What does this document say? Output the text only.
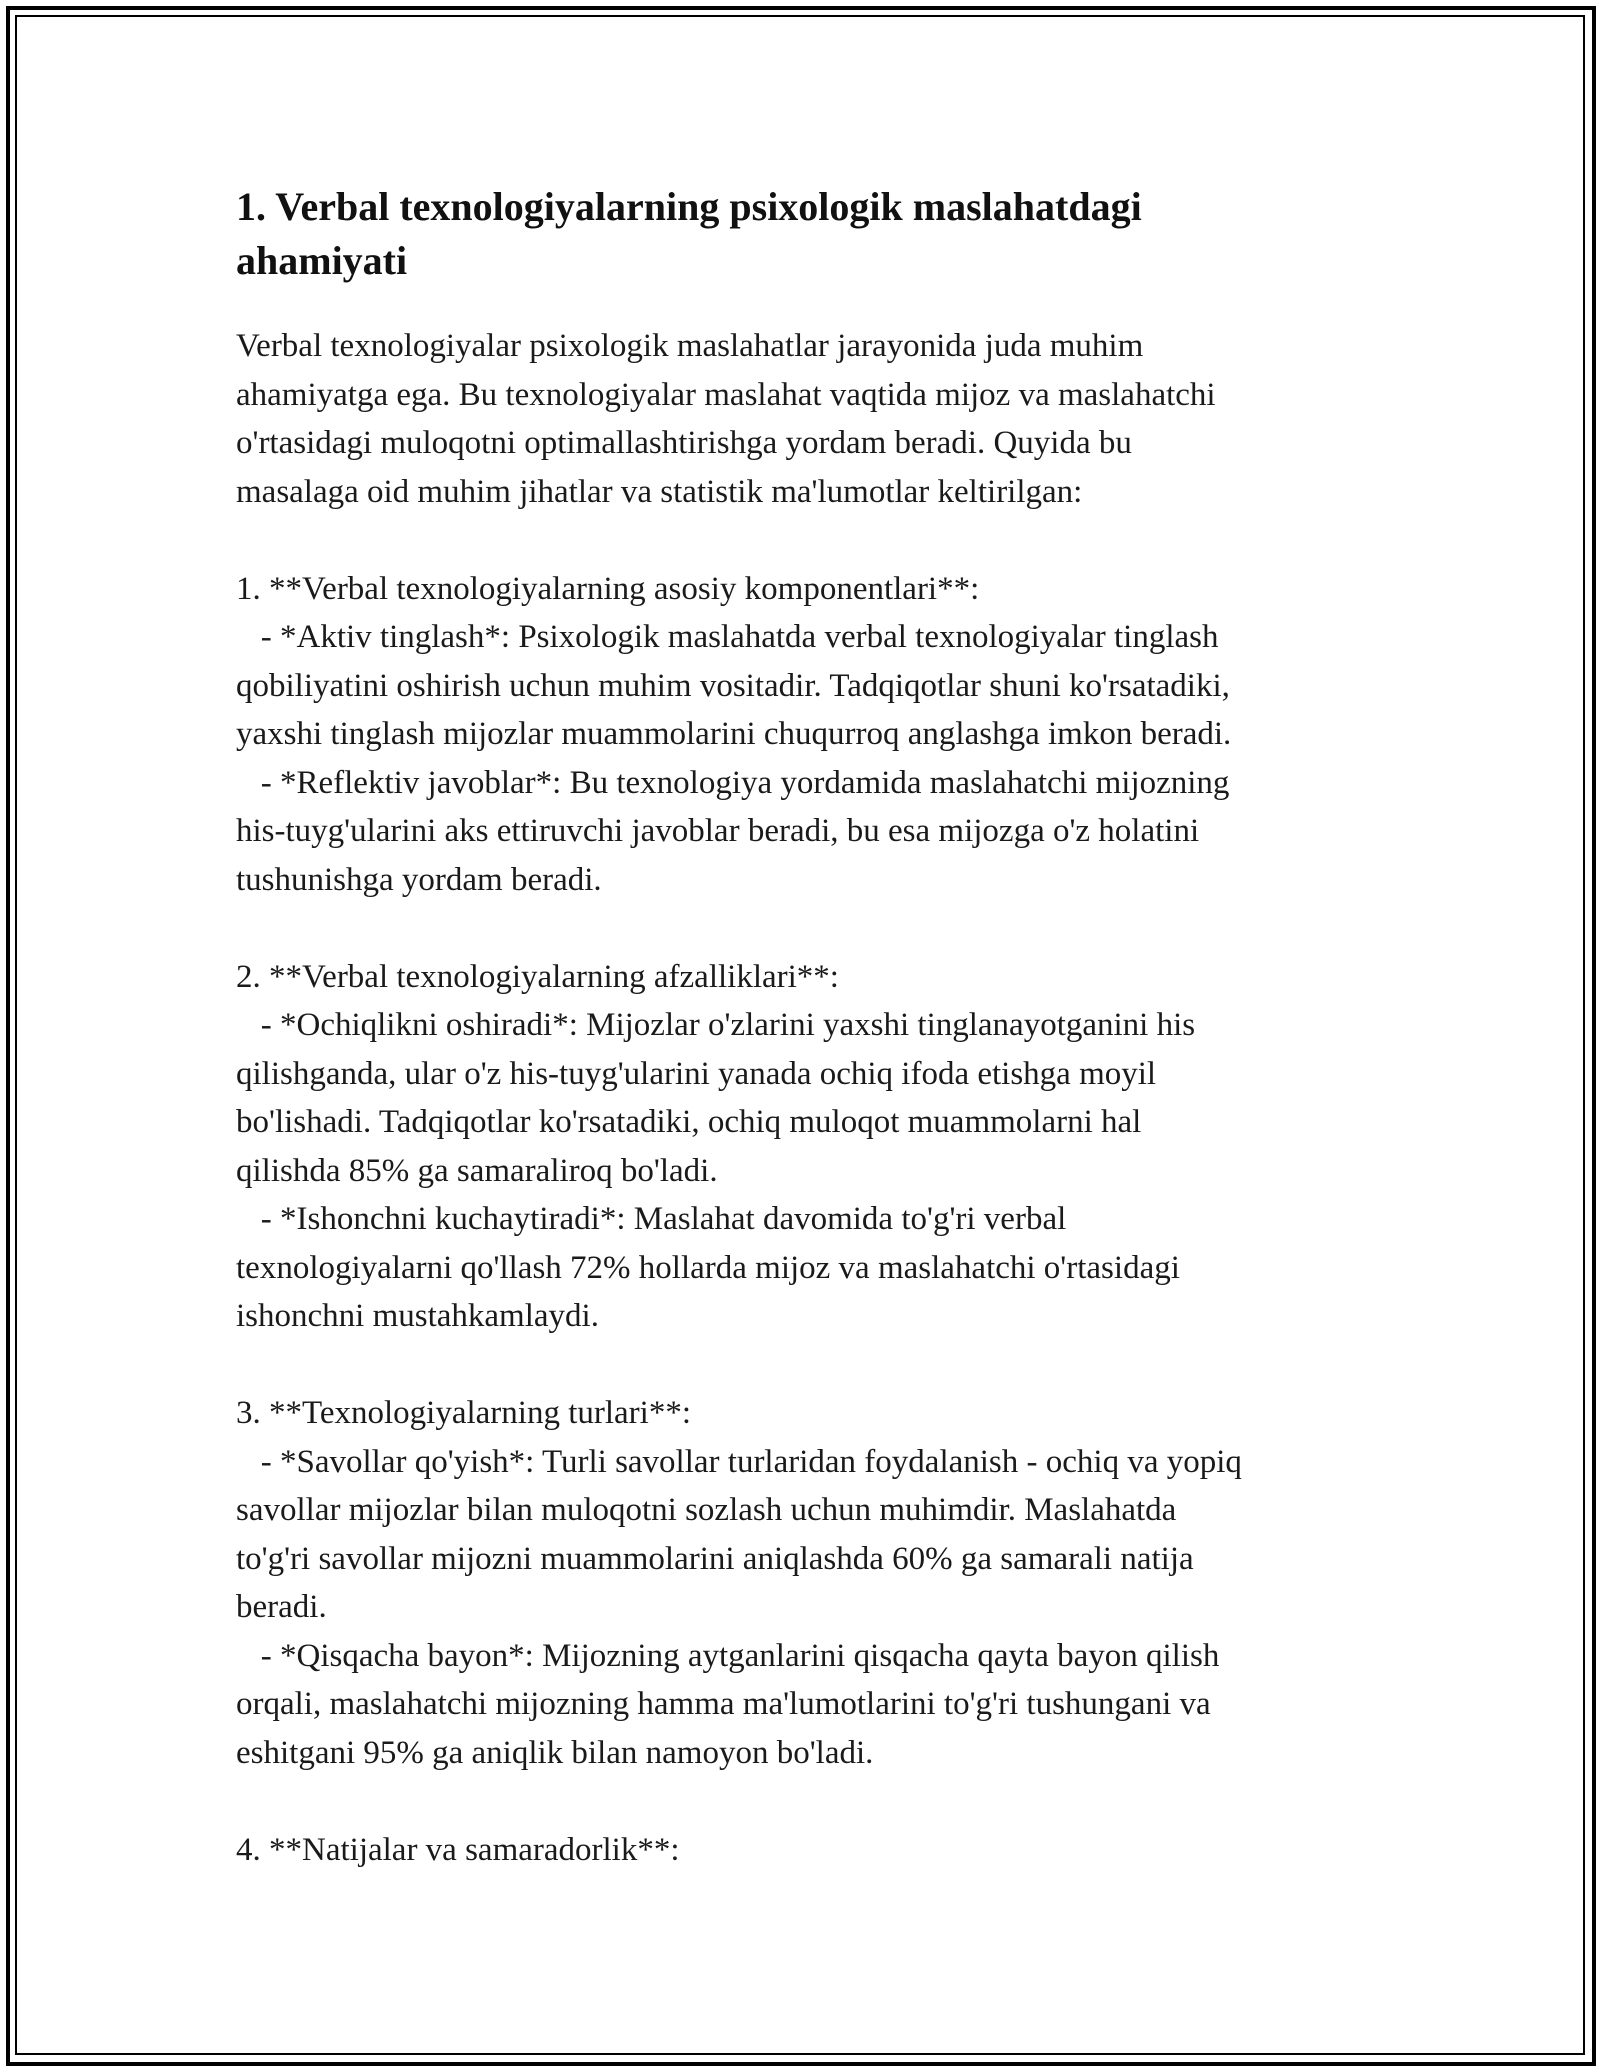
1. Verbal texnologiyalarning psixologik maslahatdagi
ahamiyati

Verbal texnologiyalar psixologik maslahatlar jarayonida juda muhim
ahamiyatga ega. Bu texnologiyalar maslahat vaqtida mijoz va maslahatchi
o'rtasidagi muloqotni optimallashtirishga yordam beradi. Quyida bu
masalaga oid muhim jihatlar va statistik ma'lumotlar keltirilgan:

1. **Verbal texnologiyalarning asosiy komponentlari**:
- *Aktiv tinglash*: Psixologik maslahatda verbal texnologiyalar tinglash
qobiliyatini oshirish uchun muhim vositadir. Tadqiqotlar shuni ko'rsatadiki,
yaxshi tinglash mijozlar muammolarini chuqurroq anglashga imkon beradi.
- *Reflektiv javoblar*: Bu texnologiya yordamida maslahatchi mijozning
his-tuyg'ularini aks ettiruvchi javoblar beradi, bu esa mijozga o'z holatini
tushunishga yordam beradi.

2. **Verbal texnologiyalarning afzalliklari**:
- *Ochiqlikni oshiradi*: Mijozlar o'zlarini yaxshi tinglanayotganini his
qilishganda, ular o'z his-tuyg'ularini yanada ochiq ifoda etishga moyil
bo'lishadi. Tadqiqotlar ko'rsatadiki, ochiq muloqot muammolarni hal
qilishda 85% ga samaraliroq bo'ladi.
- *Ishonchni kuchaytiradi*: Maslahat davomida to'g'ri verbal
texnologiyalarni qo'llash 72% hollarda mijoz va maslahatchi o'rtasidagi
ishonchni mustahkamlaydi.

3. **Texnologiyalarning turlari**:
- *Savollar qo'yish*: Turli savollar turlaridan foydalanish - ochiq va yopiq
savollar mijozlar bilan muloqotni sozlash uchun muhimdir. Maslahatda
to'g'ri savollar mijozni muammolarini aniqlashda 60% ga samarali natija
beradi.
- *Qisqacha bayon*: Mijozning aytganlarini qisqacha qayta bayon qilish
orqali, maslahatchi mijozning hamma ma'lumotlarini to'g'ri tushungani va
eshitgani 95% ga aniqlik bilan namoyon bo'ladi.

4. **Natijalar va samaradorlik**:
